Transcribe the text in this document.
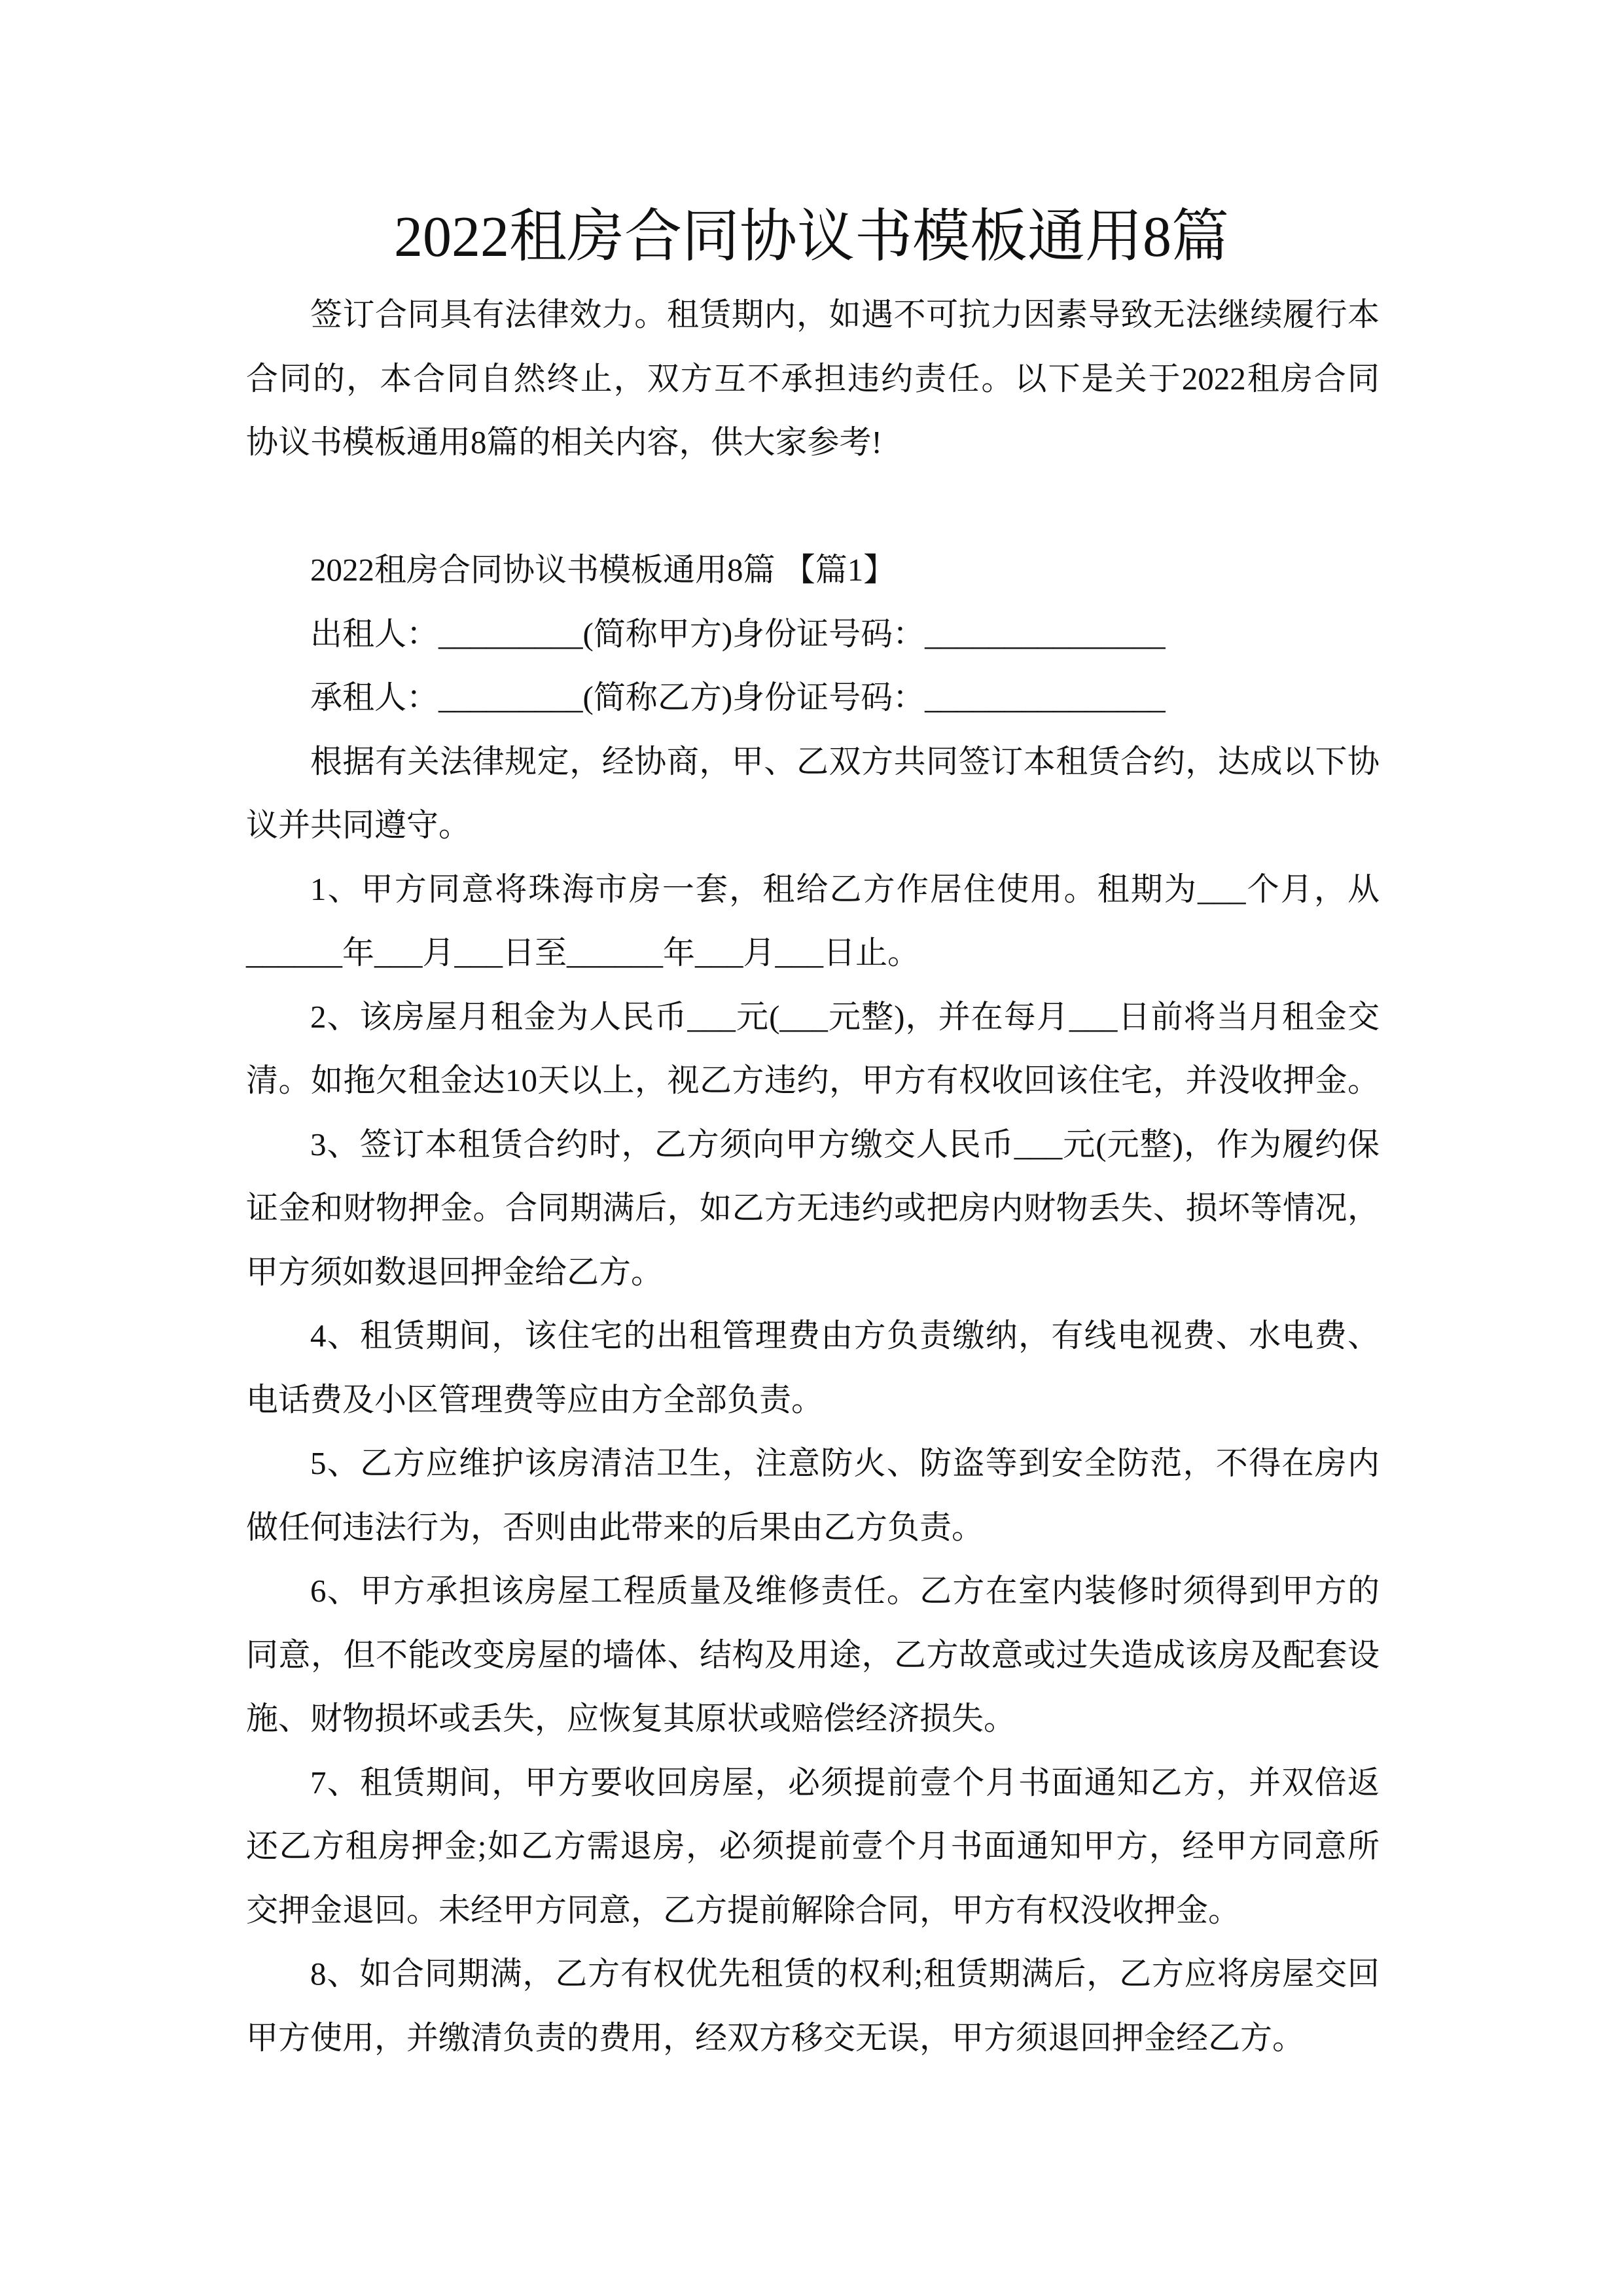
2022租房合同协议书模板通用8篇
签订合同具有法律效力。租赁期内，如遇不可抗力因素导致无法继续履行本
合同的，本合同自然终止，双方互不承担违约责任。以下是关于2022租房合同
协议书模板通用8篇的相关内容，供大家参考!
2022租房合同协议书模板通用8篇 【篇1】
出租人：_________(简称甲方)身份证号码：_______________
承租人：_________(简称乙方)身份证号码：_______________
根据有关法律规定，经协商，甲、乙双方共同签订本租赁合约，达成以下协
议并共同遵守。
1、甲方同意将珠海市房一套，租给乙方作居住使用。租期为___个月，从
______年___月___日至______年___月___日止。
2、该房屋月租金为人民币___元(___元整)，并在每月___日前将当月租金交
清。如拖欠租金达10天以上，视乙方违约，甲方有权收回该住宅，并没收押金。
3、签订本租赁合约时，乙方须向甲方缴交人民币___元(元整)，作为履约保
证金和财物押金。合同期满后，如乙方无违约或把房内财物丢失、损坏等情况，
甲方须如数退回押金给乙方。
4、租赁期间，该住宅的出租管理费由方负责缴纳，有线电视费、水电费、
电话费及小区管理费等应由方全部负责。
5、乙方应维护该房清洁卫生，注意防火、防盗等到安全防范，不得在房内
做任何违法行为，否则由此带来的后果由乙方负责。
6、甲方承担该房屋工程质量及维修责任。乙方在室内装修时须得到甲方的
同意，但不能改变房屋的墙体、结构及用途，乙方故意或过失造成该房及配套设
施、财物损坏或丢失，应恢复其原状或赔偿经济损失。
7、租赁期间，甲方要收回房屋，必须提前壹个月书面通知乙方，并双倍返
还乙方租房押金;如乙方需退房，必须提前壹个月书面通知甲方，经甲方同意所
交押金退回。未经甲方同意，乙方提前解除合同，甲方有权没收押金。
8、如合同期满，乙方有权优先租赁的权利;租赁期满后，乙方应将房屋交回
甲方使用，并缴清负责的费用，经双方移交无误，甲方须退回押金经乙方。
